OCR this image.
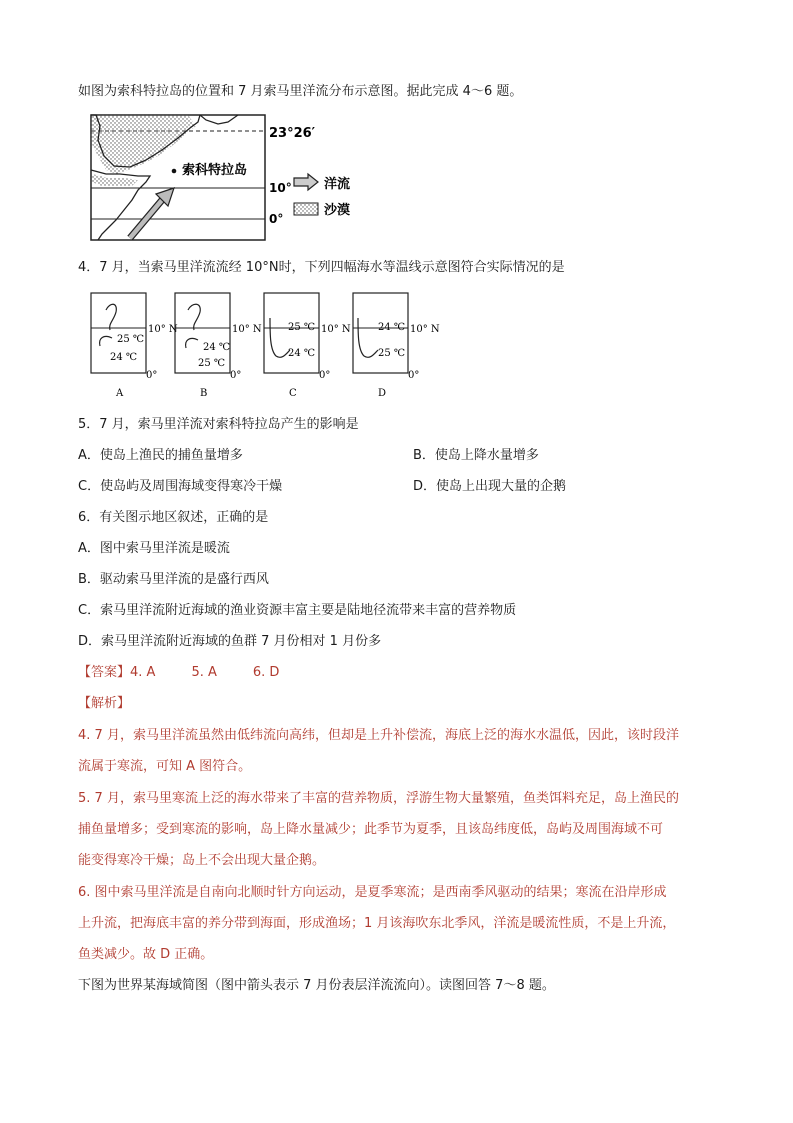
如图为索科特拉岛的位置和 7 月索马里洋流分布示意图。据此完成 4～6 题。
索科特拉岛
23°26′
10°
0°
洋流
沙漠
4．7 月，当索马里洋流流经 10°N时，下列四幅海水等温线示意图符合实际情况的是
25 ℃
24 ℃
10° N
0°
A
24 ℃
25 ℃
10° N
0°
B
25 ℃
24 ℃
10° N
0°
C
24 ℃
25 ℃
10° N
0°
D
5．7 月，索马里洋流对索科特拉岛产生的影响是
A．使岛上渔民的捕鱼量增多	B．使岛上降水量增多
C．使岛屿及周围海域变得寒冷干燥	D．使岛上出现大量的企鹅
6．有关图示地区叙述，正确的是
A．图中索马里洋流是暖流
B．驱动索马里洋流的是盛行西风
C．索马里洋流附近海域的渔业资源丰富主要是陆地径流带来丰富的营养物质
D．索马里洋流附近海域的鱼群 7 月份相对 1 月份多
【答案】4. A	5. A	6. D
【解析】
4. 7 月，索马里洋流虽然由低纬流向高纬，但却是上升补偿流，海底上泛的海水水温低，因此，该时段洋
流属于寒流，可知 A 图符合。
5. 7 月，索马里寒流上泛的海水带来了丰富的营养物质，浮游生物大量繁殖，鱼类饵料充足，岛上渔民的
捕鱼量增多；受到寒流的影响，岛上降水量减少；此季节为夏季，且该岛纬度低，岛屿及周围海域不可
能变得寒冷干燥；岛上不会出现大量企鹅。
6. 图中索马里洋流是自南向北顺时针方向运动，是夏季寒流；是西南季风驱动的结果；寒流在沿岸形成
上升流，把海底丰富的养分带到海面，形成渔场；1 月该海吹东北季风，洋流是暖流性质，不是上升流，
鱼类减少。故 D 正确。
下图为世界某海域简图（图中箭头表示 7 月份表层洋流流向）。读图回答 7～8 题。
